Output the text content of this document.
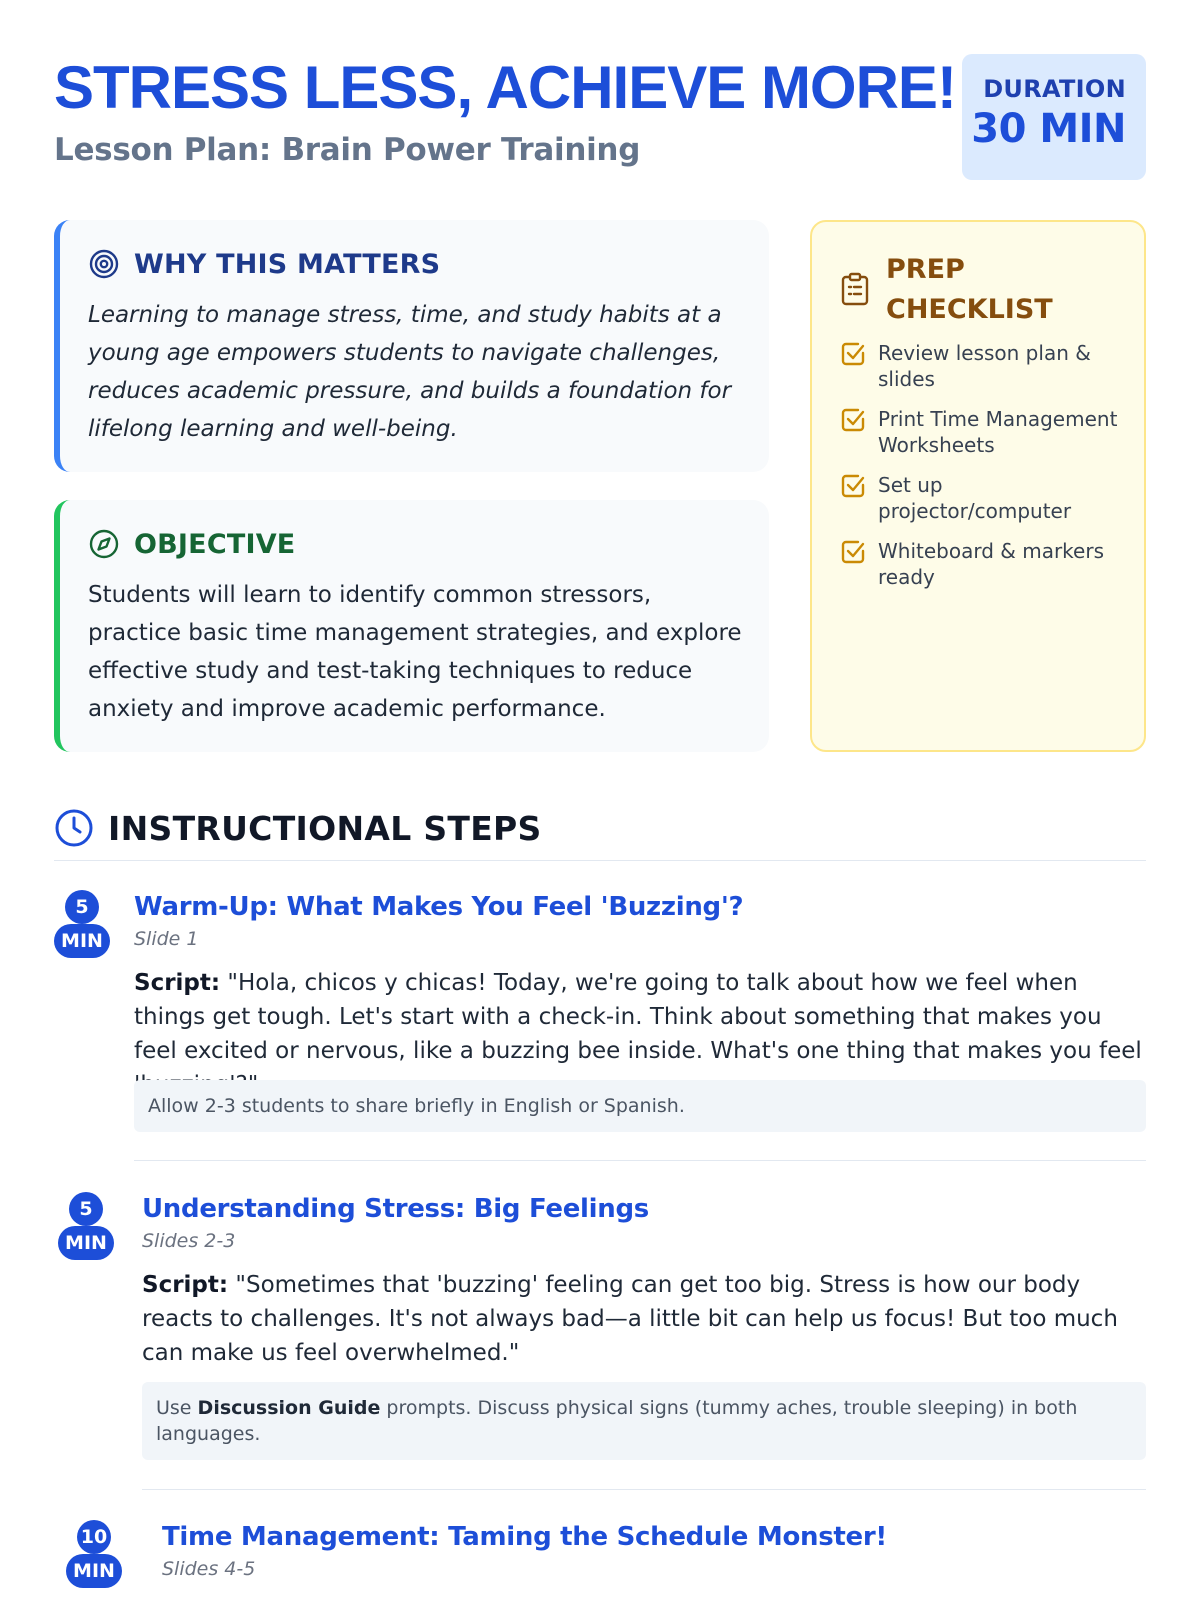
STRESS LESS, ACHIEVE MORE!
Lesson Plan: Brain Power Training
DURATION
30 MIN
WHY THIS MATTERS

Learning to manage stress, time, and study habits at a young age empowers students to navigate challenges, reduces academic pressure, and builds a foundation for lifelong learning and well-being.

OBJECTIVE

Students will learn to identify common stressors, practice basic time management strategies, and explore effective study and test-taking techniques to reduce anxiety and improve academic performance.

PREP CHECKLIST
Review lesson plan & slides
Print Time Management Worksheets
Set up projector/computer
Whiteboard & markers ready
INSTRUCTIONAL STEPS
5
MIN
Warm-Up: What Makes You Feel 'Buzzing'?
Slide 1

Script: "Hola, chicos y chicas! Today, we're going to talk about how we feel when things get tough. Let's start with a check-in. Think about something that makes you feel excited or nervous, like a buzzing bee inside. What's one thing that makes you feel

Allow 2-3 students to share briefly in English or Spanish.
5
MIN
Understanding Stress: Big Feelings
Slides 2-3

Script: "Sometimes that 'buzzing' feeling can get too big. Stress is how our body reacts to challenges. It's not always bad—a little bit can help us focus! But too much can make us feel overwhelmed."

Use Discussion Guide prompts. Discuss physical signs (tummy aches, trouble sleeping) in both languages.
10
MIN
Time Management: Taming the Schedule Monster!
Slides 4-5
